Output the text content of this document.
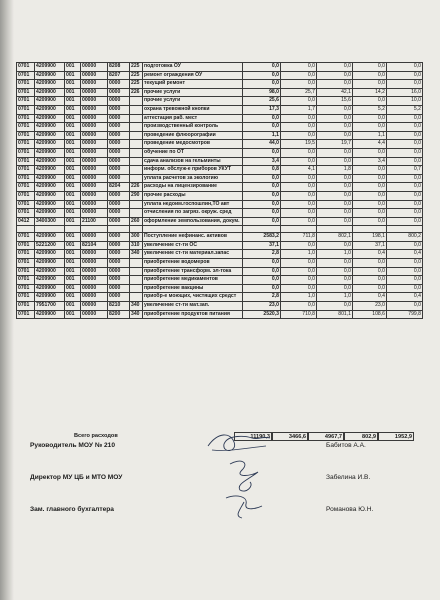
0701	4209900	001	00000	8208	225	подготовка ОУ	0,0	0,0	0,0	0,0	0,0
0701	4209900	001	00000	8207	225	ремонт ограждения ОУ	0,0	0,0	0,0	0,0	0,0
0701	4209900	001	00000	0000	225	текущий ремонт	0,0	0,0	0,0	0,0	0,0
0701	4209900	001	00000	0000	226	прочие услуги	98,0	25,7	42,1	14,2	16,0
0701	4209900	001	00000	0000		прочие услуги	25,6	0,0	15,6	0,0	10,0
0701	4209900	001	00000	0000		охрана тревожной кнопки	17,3	1,7	0,0	5,2	5,2
0701	4209900	001	00000	0000		аттестация раб. мест	0,0	0,0	0,0	0,0	0,0
0701	4209900	001	00000	0000		производственный контроль	0,0	0,0	0,0	0,0	0,0
0701	4209900	001	00000	0000		проведение флюорографии	1,1	0,0	0,0	1,1	0,0
0701	4209900	001	00000	0000		проведение медосмотров	44,0	19,5	19,7	4,4	0,0
0701	4209900	001	00000	0000		обучение по ОТ	0,0	0,0	0,0	0,0	0,0
0701	4209900	001	00000	0000		сдача анализов на гельминты	3,4	0,0	0,0	3,4	0,0
0701	4209900	001	00000	0000		информ. обслуж-е приборов УКУТ	0,8	4,1	1,8	0,0	0,7
0701	4209900	001	00000	0000		уплата расчетов за экологию	0,0	0,0	0,0	0,0	0,0
0701	4209900	001	00000	8204	226	расходы на лицензирование	0,0	0,0	0,0	0,0	0,0
0701	4209900	001	00000	0000	290	прочие расходы	0,0	0,0	0,0	0,0	0,0
0701	4209900	001	00000	0000		уплата недоим.госпошлин,ТО авт	0,0	0,0	0,0	0,0	0,0
0701	4209900	001	00000	0000		отчисления по загряз. окруж. сред	0,0	0,0	0,0	0,0	0,0
0412	3400300	001	21100	0000	260	оформление земпользования, докум.	0,0	0,0	0,0	0,0	0,0

0701	4209900	001	00000	0000	300	Поступление нефинанс. активов	2583,2	711,8	802,1	198,1	800,2
0701	5221200	001	82104	0000	310	увеличение ст-ти ОС	37,1	0,0	0,0	37,1	0,0
0701	4209900	001	00000	0000	340	увеличение ст-ти материал.запас	2,8	1,0	1,0	0,4	0,4
0701	4209900	001	00000	0000		приобретение водомеров	0,0	0,0	0,0	0,0	0,0
0701	4209900	001	00000	0000		приобретение трансформ. эл-тока	0,0	0,0	0,0	0,0	0,0
0701	4209900	001	00000	0000		приобретение медикаментов	0,0	0,0	0,0	0,0	0,0
0701	4209900	001	00000	0000		приобретение вакцины	0,0	0,0	0,0	0,0	0,0
0701	4209900	001	00000	0000		приобр-е моющих, чистящих средст	2,8	1,0	1,0	0,4	0,4
0701	7951700	001	00000	8210	340	увеличение ст-ти мат.зап.	23,0	0,0	0,0	23,0	0,0
0701	4209900	001	00000	8200	340	приобретение продуктов питания	2520,3	710,8	801,1	108,6	799,8
Всего расходов	11190,3	3466,6	4967,7	802,9	1952,9
Руководитель МОУ № 210	Бабитов А.А.
Директор МУ ЦБ и МТО МОУ	Забелина И.В.
Зам. главного бухгалтера	Романова Ю.Н.
